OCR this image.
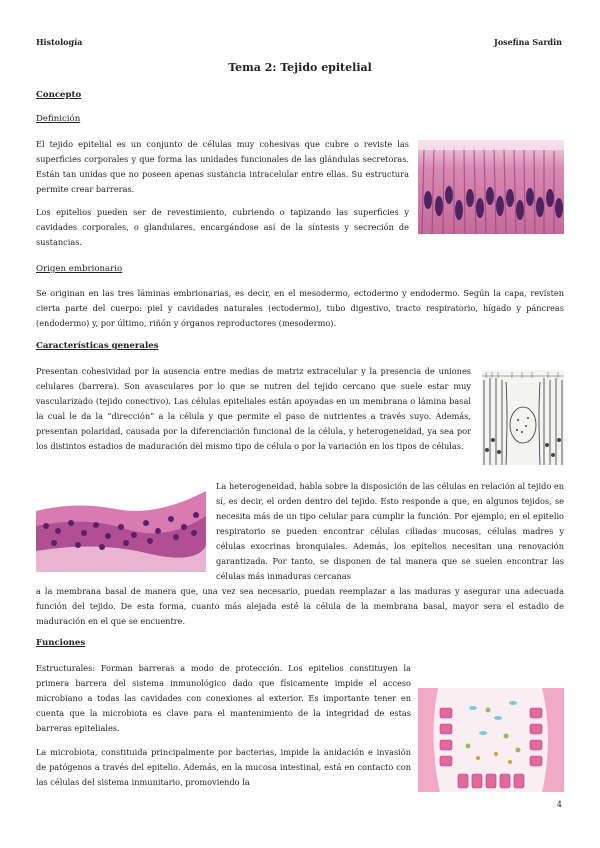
Histología	Josefina Sardin
Tema 2: Tejido epitelial
Concepto
Definición

El tejido epitelial es un conjunto de células muy cohesivas que cubre o reviste las superficies corporales y que forma las unidades funcionales de las glándulas secretoras. Están tan unidas que no poseen apenas sustancia intracelular entre ellas. Su estructura permite crear barreras.

Los epitelios pueden ser de revestimiento, cubriendo o tapizando las superficies y cavidades corporales, o glandulares, encargándose así de la síntesis y secreción de sustancias.

Origen embrionario

Se originan en las tres láminas embrionarias, es decir, en el mesodermo, ectodermo y endodermo. Según la capa, revisten cierta parte del cuerpo: piel y cavidades naturales (ectodermo), tubo digestivo, tracto respiratorio, hígado y páncreas (endodermo) y, por último, riñón y órganos reproductores (mesodermo).

Características generales

Presentan cohesividad por la ausencia entre medias de matriz extracelular y la presencia de uniones celulares (barrera). Son avasculares por lo que se nutren del tejido cercano que suele estar muy vascularizado (tejido conectivo). Las células epiteliales están apoyadas en un membrana o lámina basal la cual le da la “dirección” a la célula y que permite el paso de nutrientes a través suyo. Además, presentan polaridad, causada por la diferenciación funcional de la célula, y heterogeneidad, ya sea por los distintos estadios de maduración del mismo tipo de célula o por la variación en los tipos de células.

La heterogeneidad, habla sobre la disposición de las células en relación al tejido en sí, es decir, el orden dentro del tejido. Esto responde a que, en algunos tejidos, se necesita más de un tipo celular para cumplir la función. Por ejemplo, en el epitelio respiratorio se pueden encontrar células ciliadas mucosas, células madres y células exocrinas bronquiales. Además, los epitelios necesitan una renovación garantizada. Por tanto, se disponen de tal manera que se suelen encontrar las células más inmaduras cercanas

a la membrana basal de manera que, una vez sea necesario, puedan reemplazar a las maduras y asegurar una adecuada función del tejido. De esta forma, cuanto más alejada esté la célula de la membrana basal, mayor sera el estadio de maduración en el que se encuentre.

Funciones

Estructurales: Forman barreras a modo de protección. Los epitelios constituyen la primera barrera del sistema inmunológico dado que físicamente impide el acceso microbiano a todas las cavidades con conexiones al exterior. Es importante tener en cuenta que la microbiota es clave para el mantenimiento de la integridad de estas barreras epiteliales.

La microbiota, constituida principalmente por bacterias, impide la anidación e invasión de patógenos a través del epitelio. Además, en la mucosa intestinal, está en contacto con las células del sistema inmunitario, promoviendo la

4
